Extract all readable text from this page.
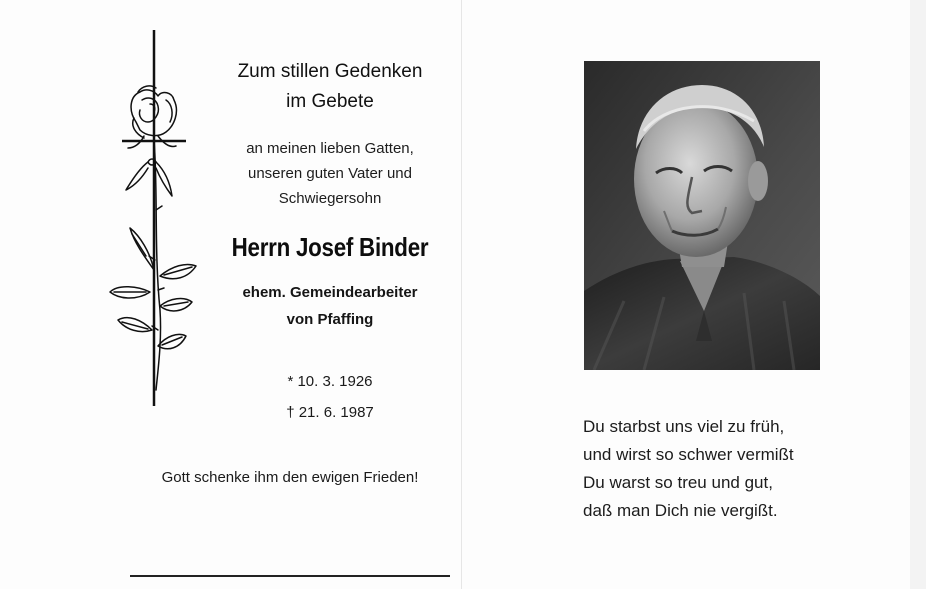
Zum stillen Gedenken
im Gebete
an meinen lieben Gatten,
unseren guten Vater und
Schwiegersohn
Herrn Josef Binder
ehem. Gemeindearbeiter
von Pfaffing
* 10. 3. 1926
† 21. 6. 1987
Gott schenke ihm den ewigen Frieden!
Du starbst uns viel zu früh,
und wirst so schwer vermißt
Du warst so treu und gut,
daß man Dich nie vergißt.
